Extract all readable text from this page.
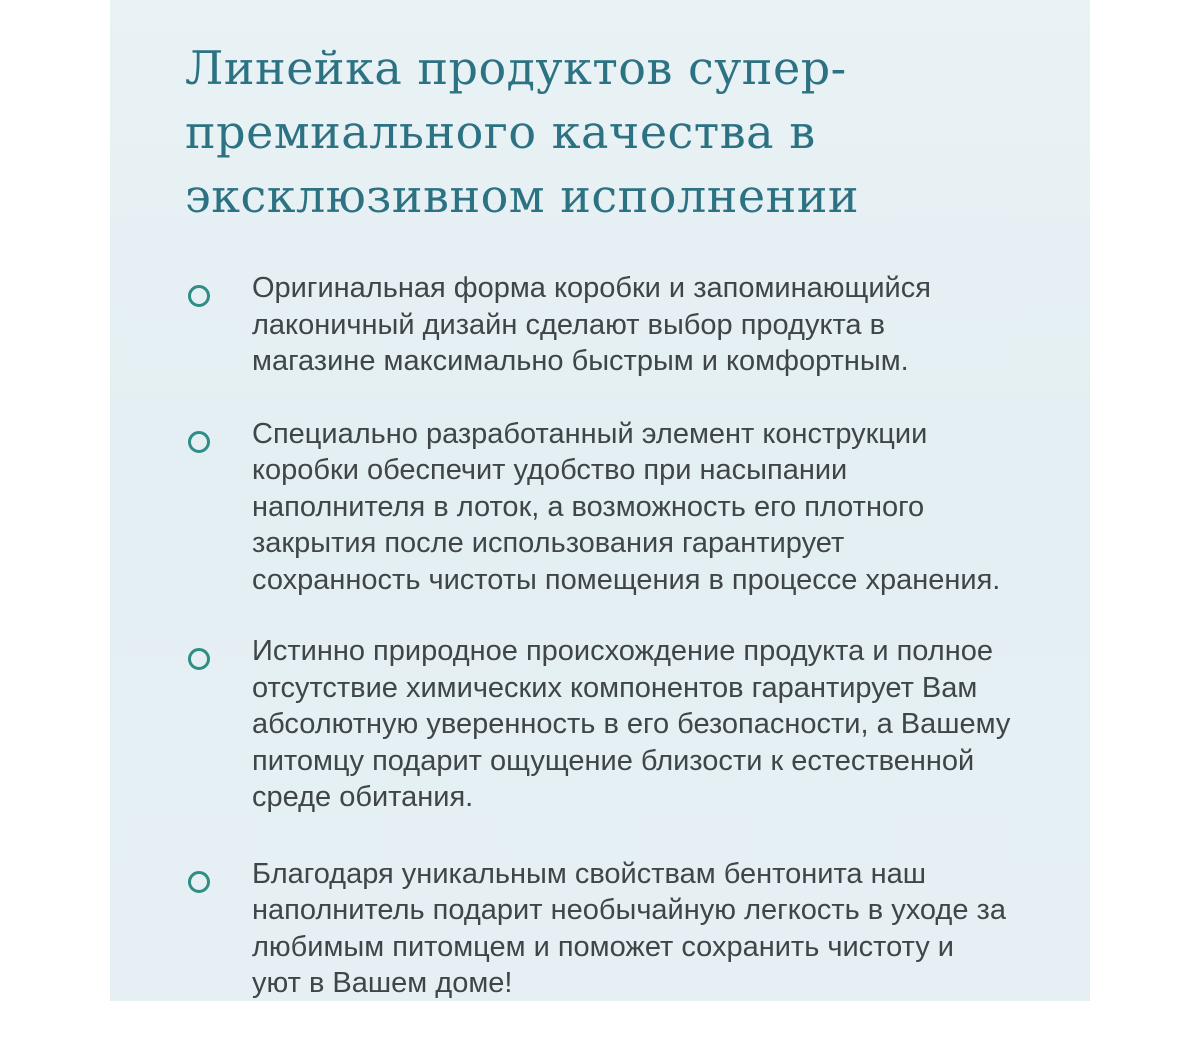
Линейка продуктов супер-
премиального качества в
эксклюзивном исполнении
Оригинальная форма коробки и запоминающийся
лаконичный дизайн сделают выбор продукта в
магазине максимально быстрым и комфортным.
Специально разработанный элемент конструкции
коробки обеспечит удобство при насыпании
наполнителя в лоток, а возможность его плотного
закрытия после использования гарантирует
сохранность чистоты помещения в процессе хранения.
Истинно природное происхождение продукта и полное
отсутствие химических компонентов гарантирует Вам
абсолютную уверенность в его безопасности, а Вашему
питомцу подарит ощущение близости к естественной
среде обитания.
Благодаря уникальным свойствам бентонита наш
наполнитель подарит необычайную легкость в уходе за
любимым питомцем и поможет сохранить чистоту и
уют в Вашем доме!
